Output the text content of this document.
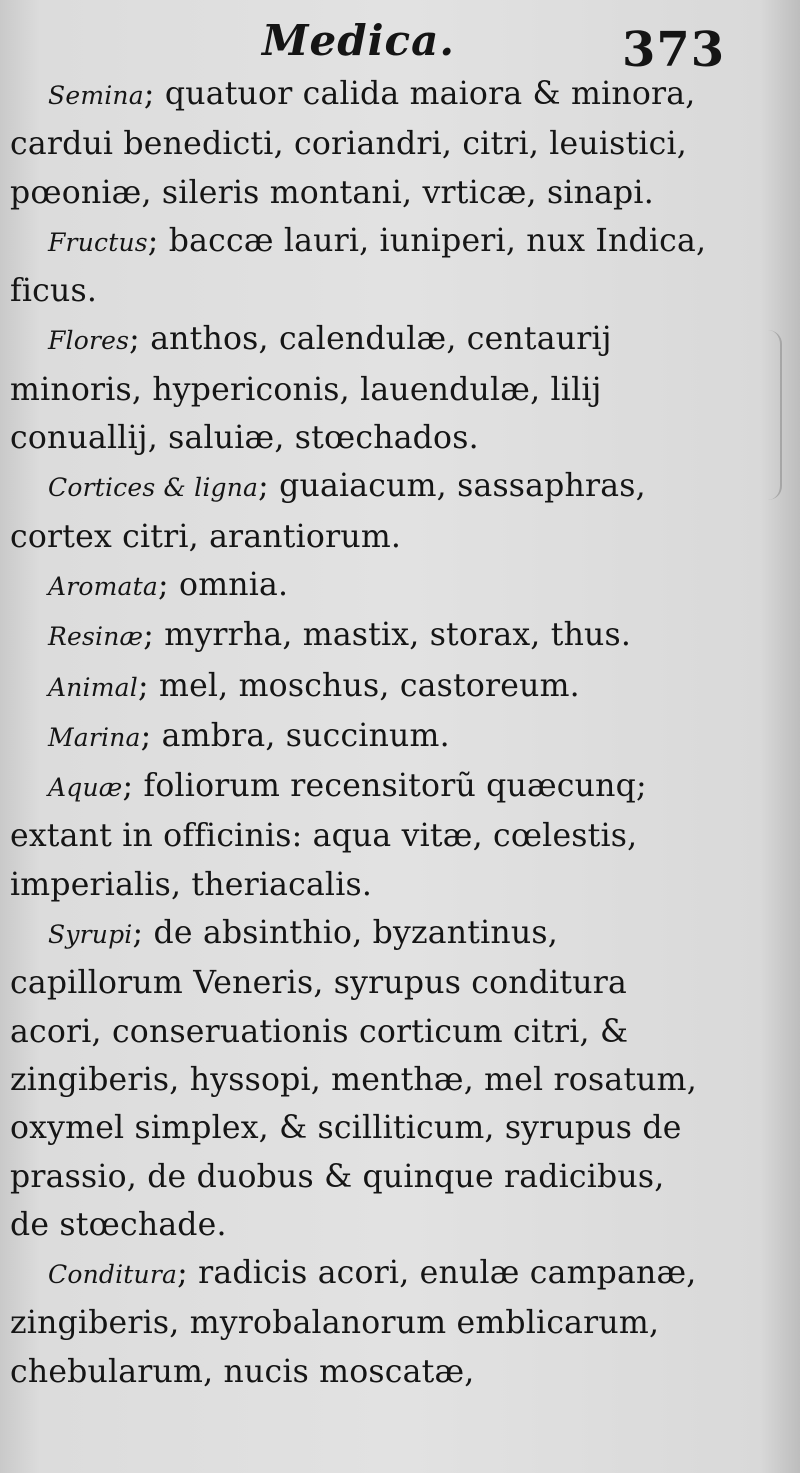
Medica.	373

Semina; quatuor calida maiora & minora, cardui benedicti, coriandri, citri, leuistici, pœoniæ, sileris montani, vrticæ, sinapi.

Fructus; baccæ lauri, iuniperi, nux Indica, ficus.

Flores; anthos, calendulæ, centaurij minoris, hypericonis, lauendulæ, lilij conuallij, saluiæ, stœchados.

Cortices & ligna; guaiacum, sassaphras, cortex citri, arantiorum.

Aromata; omnia.

Resinæ; myrrha, mastix, storax, thus.

Animal; mel, moschus, castoreum.

Marina; ambra, succinum.

Aquæ; foliorum recensitorũ quæcunq; extant in officinis: aqua vitæ, cœlestis, imperialis, theriacalis.

Syrupi; de absinthio, byzantinus, capillorum Veneris, syrupus conditura acori, conseruationis corticum citri, & zingiberis, hyssopi, menthæ, mel rosatum, oxymel simplex, & scilliticum, syrupus de prassio, de duobus & quinque radicibus, de stœchade.

Conditura; radicis acori, enulæ campanæ, zingiberis, myrobalanorum emblicarum, chebularum, nucis moscatæ,
